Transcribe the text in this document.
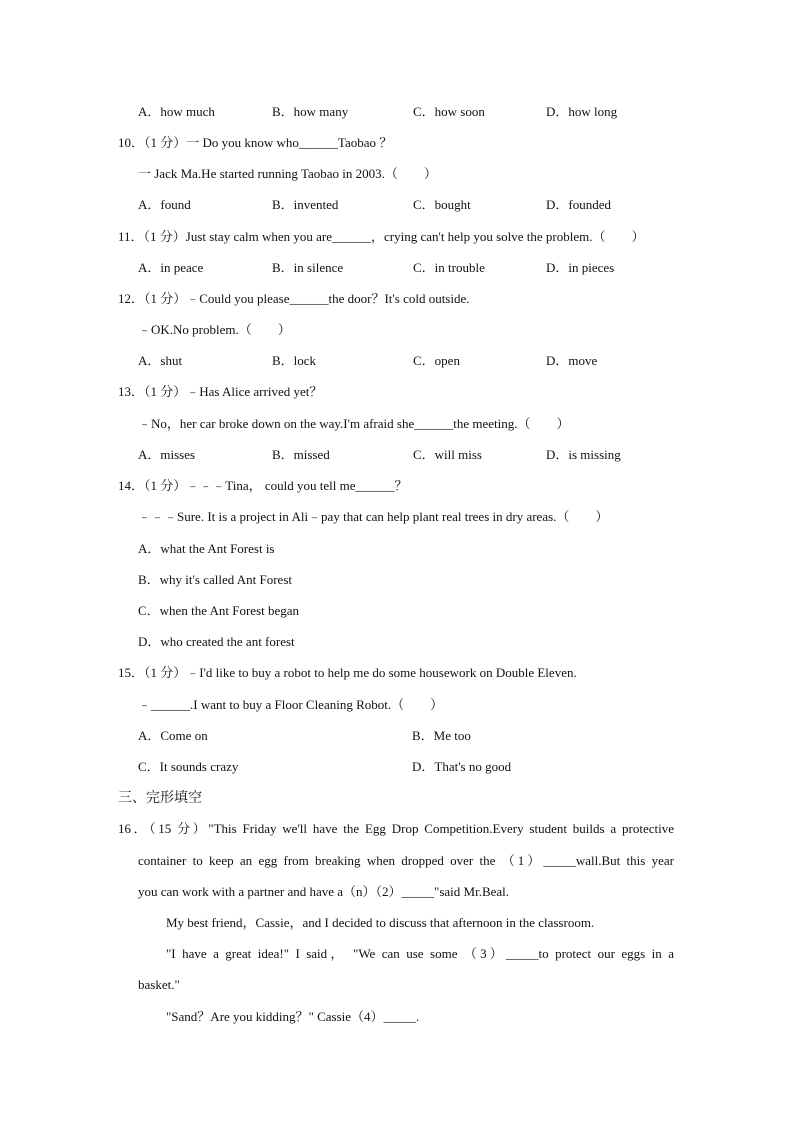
A．how much	B．how many	C．how soon	D．how long
10．（1 分）一 Do you know who______Taobao ？
一 Jack Ma.He started running Taobao in 2003.（　　）
A．found	B．invented	C．bought	D．founded
11．（1 分）Just stay calm when you are______，crying can't help you solve the problem.（　　）
A．in peace	B．in silence	C．in trouble	D．in pieces
12．（1 分）﹣Could you please______the door？It's cold outside.
﹣OK.No problem.（　　）
A．shut	B．lock	C．open	D．move
13．（1 分）﹣Has Alice arrived yet？
﹣No，her car broke down on the way.I'm afraid she______the meeting.（　　）
A．misses	B．missed	C．will miss	D．is missing
14．（1 分）﹣﹣﹣Tina， could you tell me______？
﹣﹣﹣Sure. It is a project in Ali﹣pay that can help plant real trees in dry areas.（　　）
A．what the Ant Forest is
B．why it's called Ant Forest
C．when the Ant Forest began
D．who created the ant forest
15．（1 分）﹣I'd like to buy a robot to help me do some housework on Double Eleven.
﹣______.I want to buy a Floor Cleaning Robot.（　　）
A．Come on	B．Me too
C．It sounds crazy	D．That's no good
三、完形填空
16．（15 分）"This Friday we'll have the Egg Drop Competition.Every student builds a protective
container to keep an egg from breaking when dropped over the （1）_____wall.But this year
you can work with a partner and have a（n）（2）_____"said Mr.Beal.
My best friend，Cassie，and I decided to discuss that afternoon in the classroom.
"I have a great idea!" I said， "We can use some （3）_____to protect our eggs in a
basket."
"Sand？Are you kidding？" Cassie（4）_____.
